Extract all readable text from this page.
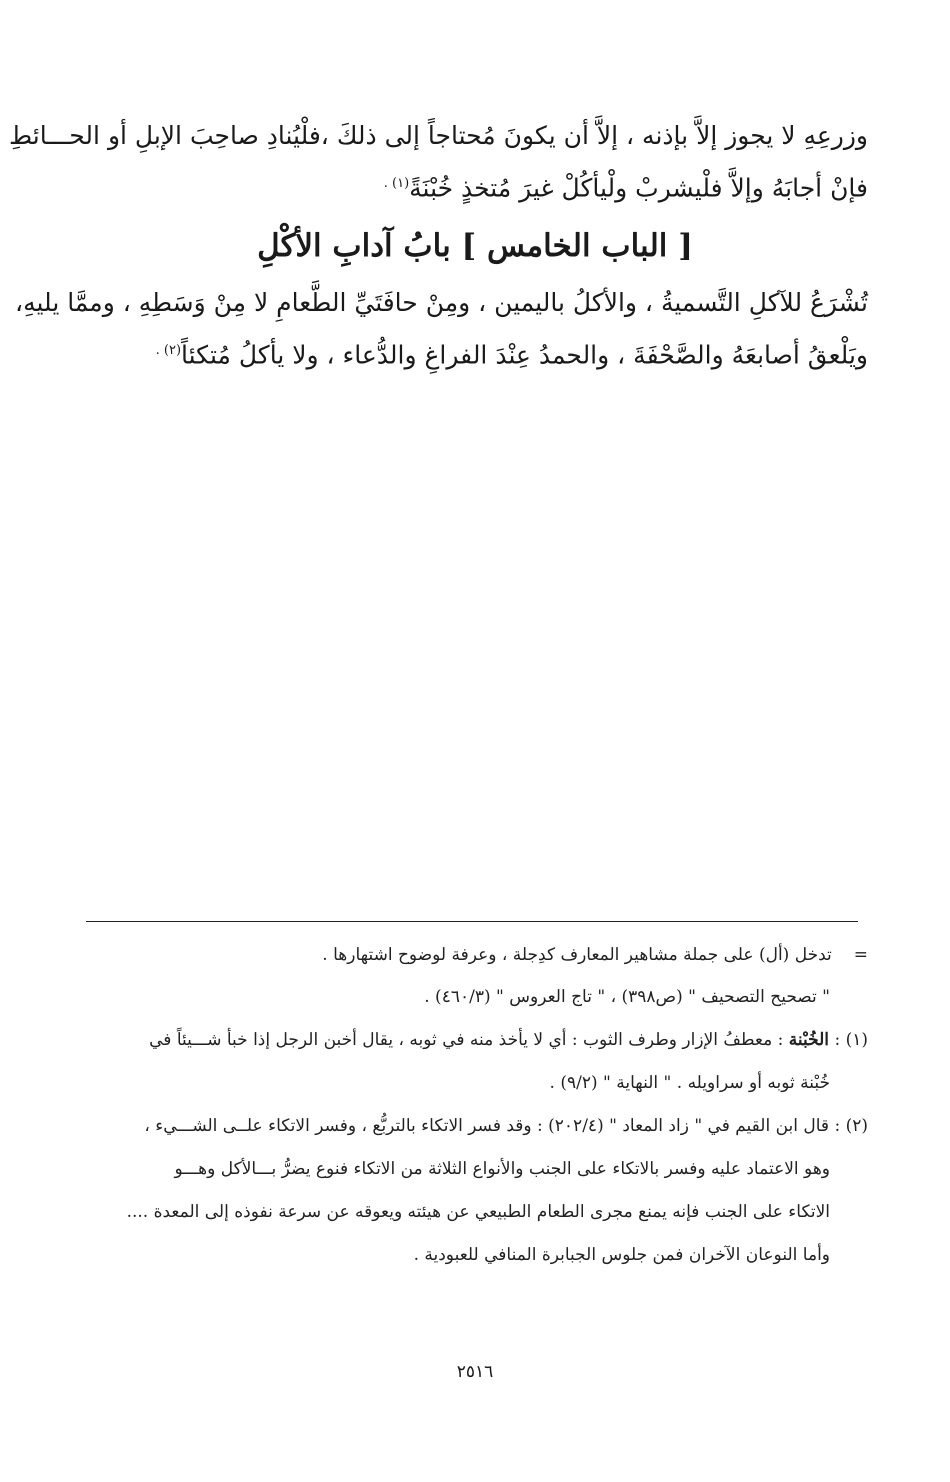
وزرعِهِ لا يجوز إلاَّ بإذنه ، إلاَّ أن يكونَ مُحتاجاً إلى ذلكَ ،فلْيُنادِ صاحِبَ الإبلِ أو الحـــائطِ
فإنْ أجابَهُ وإلاَّ فلْيشربْ ولْيأكُلْ غيرَ مُتخذٍ خُبْنَةً$^{(١) .}$
[ الباب الخامس ] بابُ آدابِ الأكْلِ
تُشْرَعُ للآكلِ التَّسميةُ ، والأكلُ باليمين ، ومِنْ حافَتَيِّ الطَّعامِ لا مِنْ وَسَطِهِ ، وممَّا يليهِ،
ويَلْعقُ أصابعَهُ والصَّحْفَةَ ، والحمدُ عِنْدَ الفراغِ والدُّعاء ، ولا يأكلُ مُتكئاً$^{(٢) .}$
=تدخل (أل) على جملة مشاهير المعارف كدِجلة ، وعرفة لوضوح اشتهارها .
" تصحيح التصحيف " (ص٣٩٨) ، " تاج العروس " (٤٦٠/٣) .
(١) : الخُبْنة : معطفُ الإزار وطرف الثوب : أي لا يأخذ منه في ثوبه ، يقال أخبن الرجل إذا خبأ شـــيئاً في
خُبْنة ثوبه أو سراويله . " النهاية " (٩/٢) .
(٢) : قال ابن القيم في " زاد المعاد " (٢٠٢/٤) : وقد فسر الاتكاء بالتربُّع ، وفسر الاتكاء علــى الشـــيء ،
وهو الاعتماد عليه وفسر بالاتكاء على الجنب والأنواع الثلاثة من الاتكاء فنوع يضرُّ بـــالأكل وهـــو
الاتكاء على الجنب فإنه يمنع مجرى الطعام الطبيعي عن هيئته ويعوقه عن سرعة نفوذه إلى المعدة ....
وأما النوعان الآخران فمن جلوس الجبابرة المنافي للعبودية .
٢٥١٦
